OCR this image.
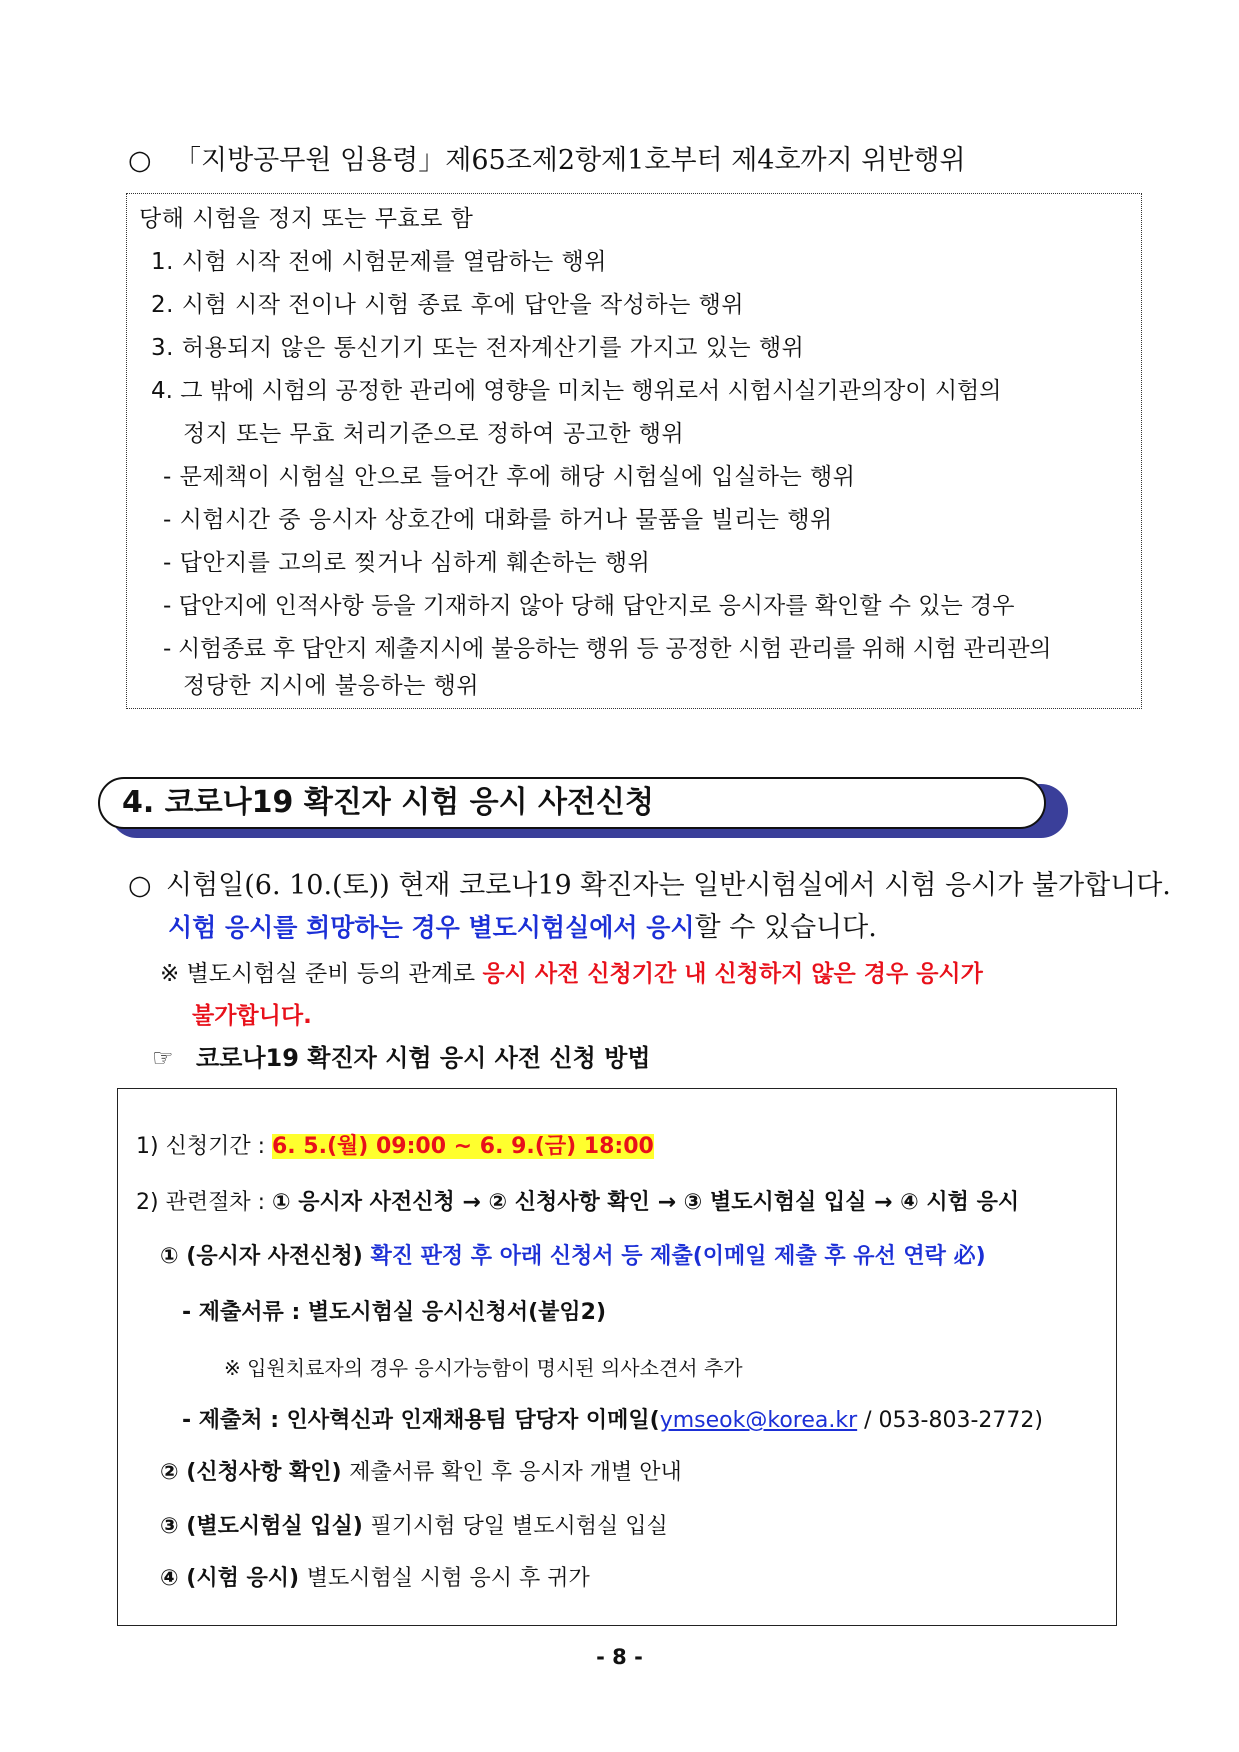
○ 「지방공무원 임용령」제65조제2항제1호부터 제4호까지 위반행위
당해 시험을 정지 또는 무효로 함
1. 시험 시작 전에 시험문제를 열람하는 행위
2. 시험 시작 전이나 시험 종료 후에 답안을 작성하는 행위
3. 허용되지 않은 통신기기 또는 전자계산기를 가지고 있는 행위
4. 그 밖에 시험의 공정한 관리에 영향을 미치는 행위로서 시험시실기관의장이 시험의
정지 또는 무효 처리기준으로 정하여 공고한 행위
- 문제책이 시험실 안으로 들어간 후에 해당 시험실에 입실하는 행위
- 시험시간 중 응시자 상호간에 대화를 하거나 물품을 빌리는 행위
- 답안지를 고의로 찢거나 심하게 훼손하는 행위
- 답안지에 인적사항 등을 기재하지 않아 당해 답안지로 응시자를 확인할 수 있는 경우
- 시험종료 후 답안지 제출지시에 불응하는 행위 등 공정한 시험 관리를 위해 시험 관리관의
정당한 지시에 불응하는 행위
4. 코로나19 확진자 시험 응시 사전신청
○ 시험일(6. 10.(토)) 현재 코로나19 확진자는 일반시험실에서 시험 응시가 불가합니다.
시험 응시를 희망하는 경우 별도시험실에서 응시할 수 있습니다.
※ 별도시험실 준비 등의 관계로 응시 사전 신청기간 내 신청하지 않은 경우 응시가
불가합니다.
☞ 코로나19 확진자 시험 응시 사전 신청 방법
1) 신청기간 : 6. 5.(월) 09:00 ~ 6. 9.(금) 18:00
2) 관련절차 : ① 응시자 사전신청 → ② 신청사항 확인 → ③ 별도시험실 입실 → ④ 시험 응시
① (응시자 사전신청) 확진 판정 후 아래 신청서 등 제출(이메일 제출 후 유선 연락 必)
- 제출서류 : 별도시험실 응시신청서(붙임2)
※ 입원치료자의 경우 응시가능함이 명시된 의사소견서 추가
- 제출처 : 인사혁신과 인재채용팀 담당자 이메일(ymseok@korea.kr / 053-803-2772)
② (신청사항 확인) 제출서류 확인 후 응시자 개별 안내
③ (별도시험실 입실) 필기시험 당일 별도시험실 입실
④ (시험 응시) 별도시험실 시험 응시 후 귀가
- 8 -
